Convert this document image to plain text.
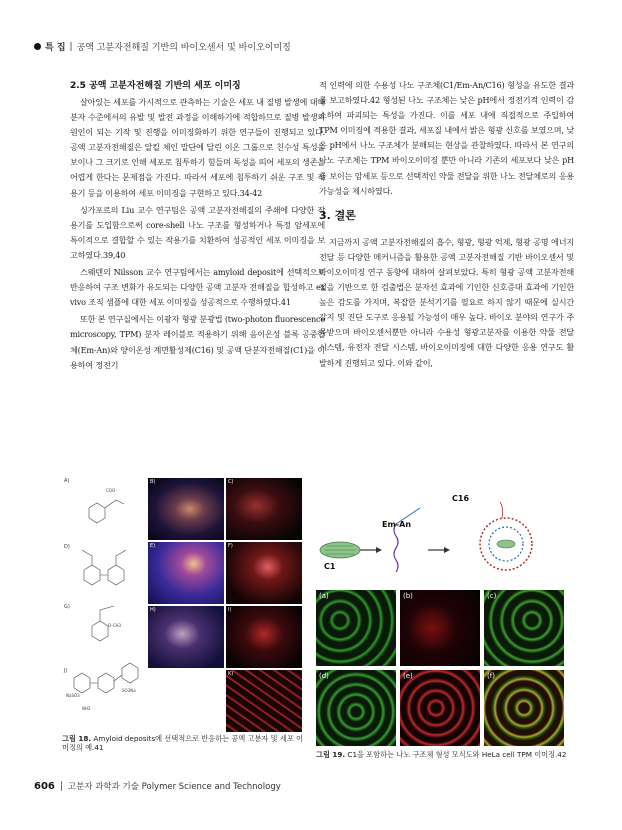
특 집 | 공액 고분자전해질 기반의 바이오센서 및 바이오이미징
2.5 공액 고분자전해질 기반의 세포 이미징

살아있는 세포를 가시적으로 관측하는 기술은 세포 내 질병 발생에 대해 분자 수준에서의 유발 및 발전 과정을 이해하기에 적합하므로 질병 발생의 원인이 되는 기작 및 진행을 이미징화하기 위한 연구들이 진행되고 있다. 공액 고분자전해질은 알킬 체인 말단에 달린 이온 그룹으로 친수성 특성을 보이나 그 크기로 인해 세포로 침투하기 힘들며 독성을 띄어 세포의 생존을 어렵게 한다는 문제점을 가진다. 따라서 세포에 침투하기 쉬운 구조 및 작용기 등을 이용하여 세포 이미징을 구현하고 있다.34-42

싱가포르의 Liu 교수 연구팀은 공액 고분자전해질의 주쇄에 다양한 작용기를 도입함으로써 core-shell 나노 구조를 형성하거나 특정 암세포에 특이적으로 결합할 수 있는 작용기를 치환하여 성공적인 세포 이미징을 보고하였다.39,40

스웨덴의 Nilsson 교수 연구팀에서는 amyloid deposit에 선택적으로 반응하여 구조 변화가 유도되는 다양한 공액 고분자 전해질을 합성하고 ex vivo 조직 샘플에 대한 세포 이미징을 성공적으로 수행하였다.41

또한 본 연구실에서는 이광자 형광 분광법 (two-photon fluorescence microscopy, TPM) 분자 레이블로 적용하기 위해 음이온성 블록 공중합체(Em-An)와 양이온성 계면활성제(C16) 및 공액 단분자전해질(C1)을 이용하여 정전기

적 인력에 의한 수용성 나노 구조체(C1/Em-An/C16) 형성을 유도한 결과를 보고하였다.42 형성된 나노 구조체는 낮은 pH에서 정전기적 인력이 감소하여 파괴되는 특성을 가진다. 이를 세포 내에 직접적으로 주입하여 TPM 이미징에 적용한 결과, 세포질 내에서 밝은 형광 신호를 보였으며, 낮은 pH에서 나노 구조체가 분해되는 현상을 관찰하였다. 따라서 본 연구의 나노 구조체는 TPM 바이오이미징 뿐만 아니라 기존의 세포보다 낮은 pH를 보이는 암세포 등으로 선택적인 약물 전달을 위한 나노 전달체로의 응용 가능성을 제시하였다.

3. 결론

지금까지 공액 고분자전해질의 흡수, 형광, 형광 억제, 형광 공명 에너지 전달 등 다양한 메커니즘을 활용한 공액 고분자전해질 기반 바이오센서 및 바이오이미징 연구 동향에 대하여 살펴보았다. 특히 형광 공액 고분자전해질을 기반으로 한 검출법은 분자선 효과에 기인한 신호증대 효과에 기인한 높은 감도를 가지며, 복잡한 분석기기를 필요로 하지 않기 때문에 실시간 감지 및 진단 도구로 응용될 가능성이 매우 높다. 바이오 분야의 연구가 주목받으며 바이오센서뿐만 아니라 수용성 형광고분자를 이용한 약물 전달 시스템, 유전자 전달 시스템, 바이오이미징에 대한 다양한 응용 연구도 활발하게 진행되고 있다. 이와 같이,

A)
D)
G)
J)
COO-
O-CH3
NaSO3
SO3Na
NH2
B)	C)
E)	F)
H)	I)
K)
그림 18. Amyloid deposits에 선택적으로 반응하는 공액 고분자 및 세포 이미징의 예.41
C1
Em-An
C16
(a)	(b)	(c)
(d)	(e)	(f)
그림 19. C1을 포함하는 나노 구조체 형성 모식도와 HeLa cell TPM 이미징.42
606 고분자 과학과 기술 Polymer Science and Technology
